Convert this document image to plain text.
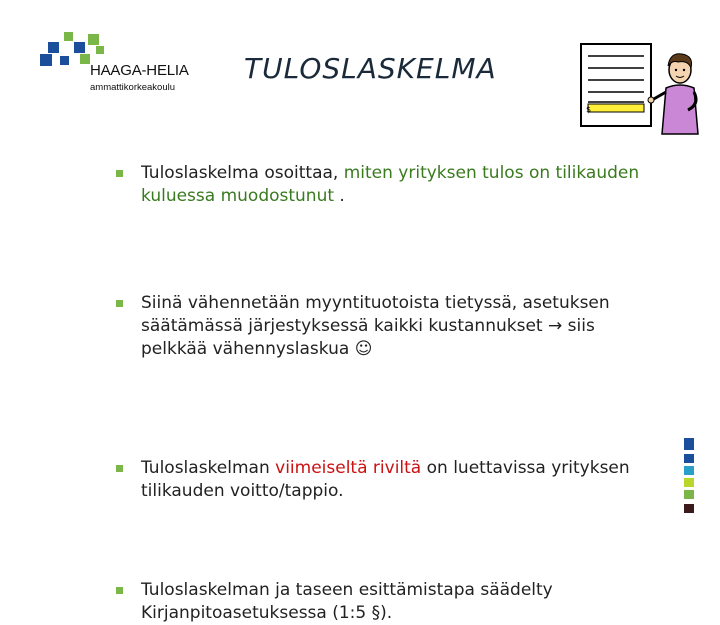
HAAGA-HELIA
ammattikorkeakoulu
TULOSLASKELMA
$
Tuloslaskelma osoittaa, miten yrityksen tulos on tilikauden kuluessa muodostunut .
Siinä vähennetään myyntituotoista tietyssä, asetuksen säätämässä järjestyksessä kaikki kustannukset → siis pelkkää vähennyslaskua ☺
Tuloslaskelman viimeiseltä riviltä on luettavissa yrityksen tilikauden voitto/tappio.
Tuloslaskelman ja taseen esittämistapa säädelty Kirjanpitoasetuksessa (1:5 §).
